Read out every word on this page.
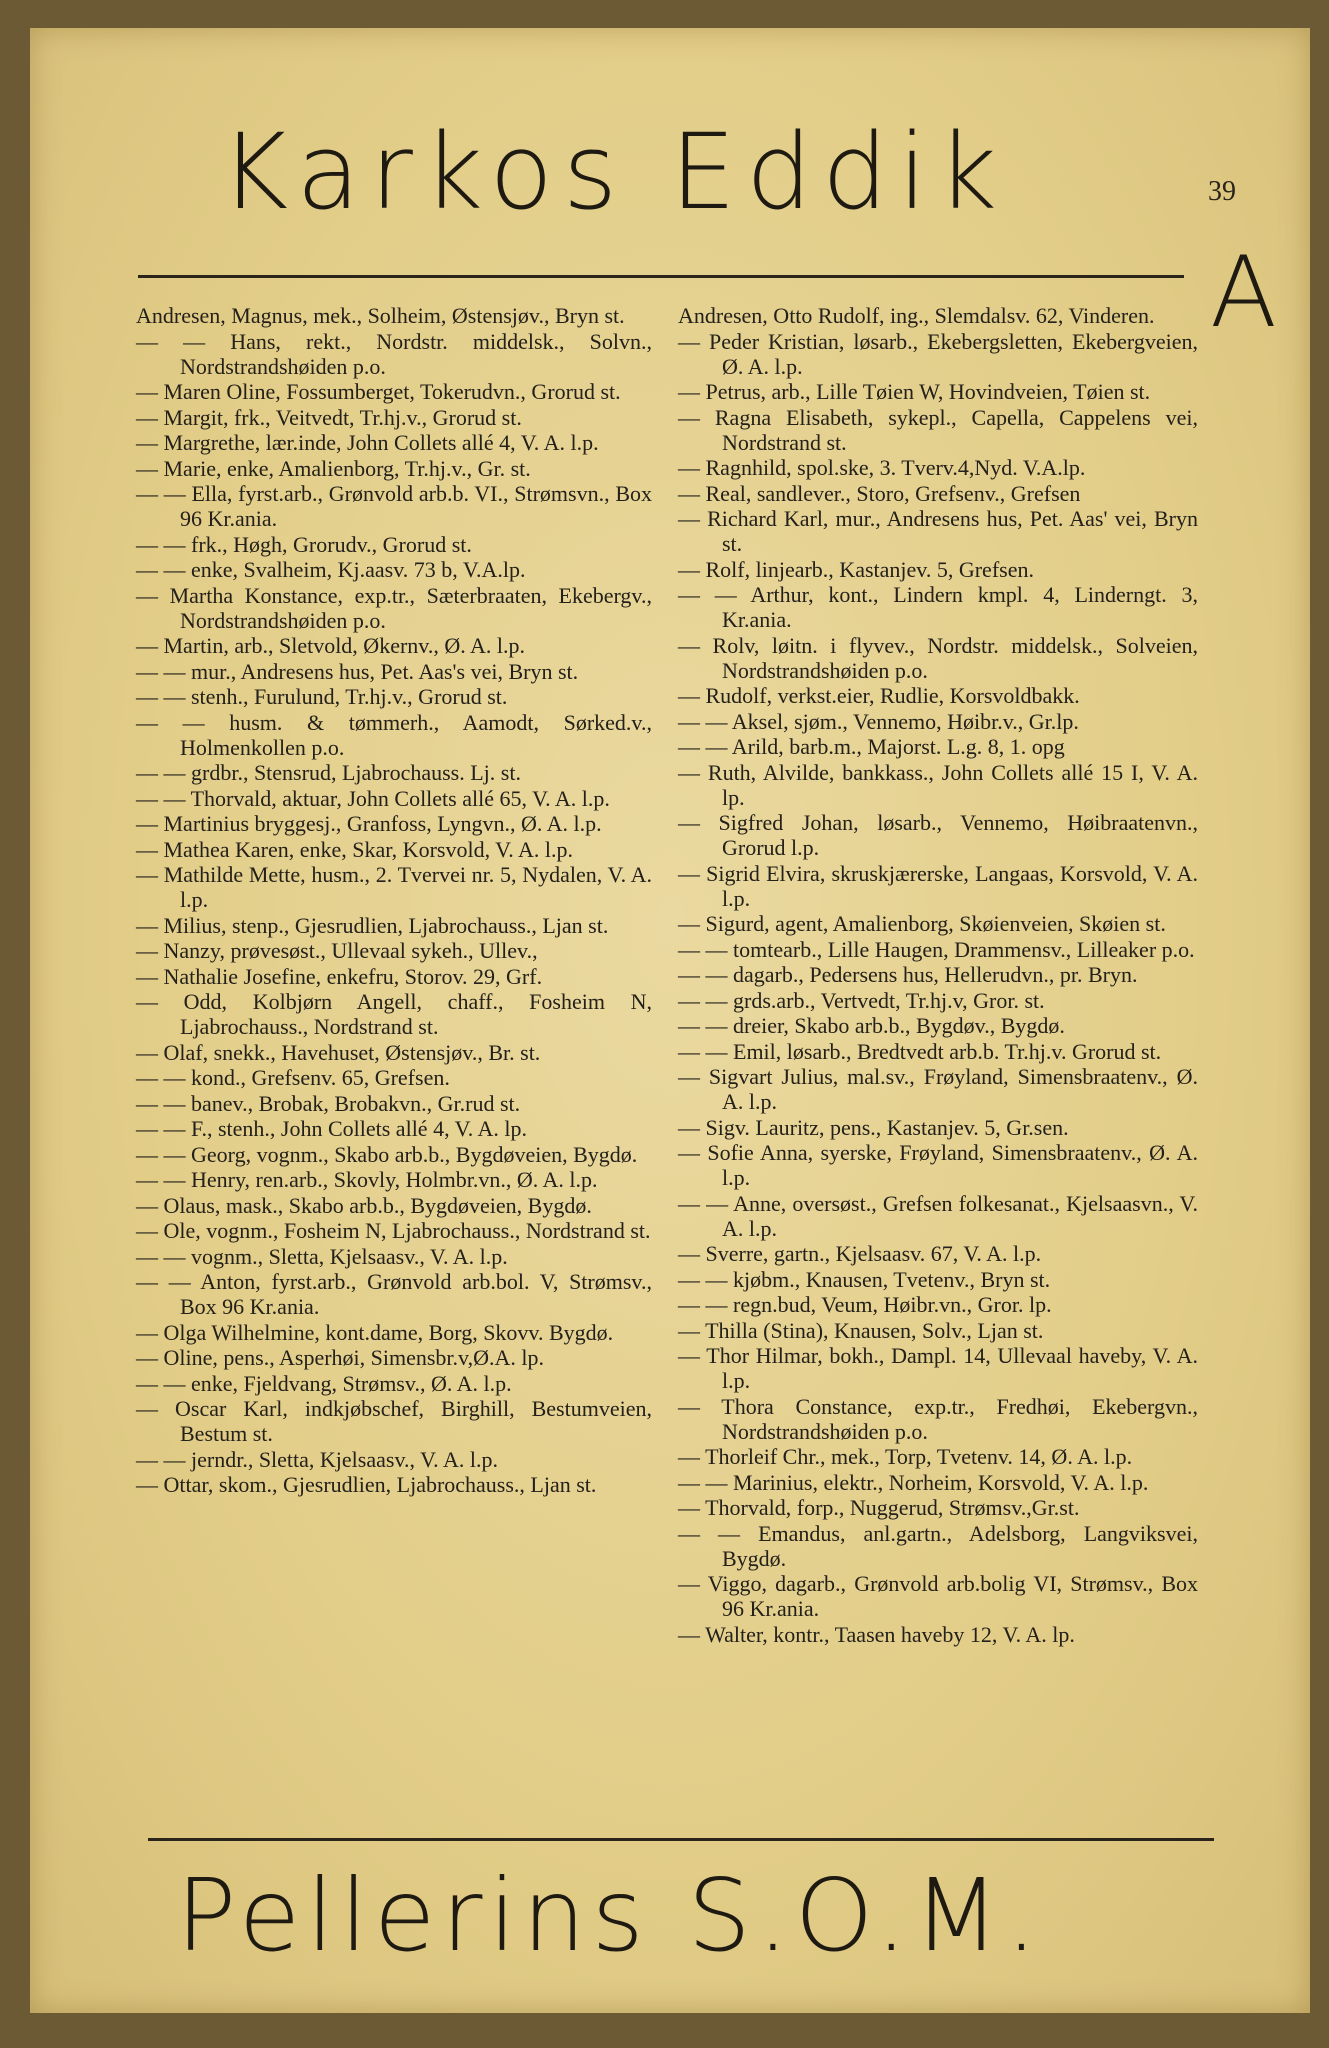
Karkos Eddik	39
A
Andresen, Magnus, mek., Solheim, Østensjøv., Bryn st.
— — Hans, rekt., Nordstr. middelsk., Solvn., Nordstrandshøiden p.o.
— Maren Oline, Fossumberget, Tokerudvn., Grorud st.
— Margit, frk., Veitvedt, Tr.hj.v., Grorud st.
— Margrethe, lær.inde, John Collets allé 4, V. A. l.p.
— Marie, enke, Amalienborg, Tr.hj.v., Gr. st.
— — Ella, fyrst.arb., Grønvold arb.b. VI., Strømsvn., Box 96 Kr.ania.
— — frk., Høgh, Grorudv., Grorud st.
— — enke, Svalheim, Kj.aasv. 73 b, V.A.lp.
— Martha Konstance, exp.tr., Sæterbraaten, Ekebergv., Nordstrandshøiden p.o.
— Martin, arb., Sletvold, Økernv., Ø. A. l.p.
— — mur., Andresens hus, Pet. Aas's vei, Bryn st.
— — stenh., Furulund, Tr.hj.v., Grorud st.
— — husm. & tømmerh., Aamodt, Sørked.v., Holmenkollen p.o.
— — grdbr., Stensrud, Ljabrochauss. Lj. st.
— — Thorvald, aktuar, John Collets allé 65, V. A. l.p.
— Martinius bryggesj., Granfoss, Lyngvn., Ø. A. l.p.
— Mathea Karen, enke, Skar, Korsvold, V. A. l.p.
— Mathilde Mette, husm., 2. Tvervei nr. 5, Nydalen, V. A. l.p.
— Milius, stenp., Gjesrudlien, Ljabrochauss., Ljan st.
— Nanzy, prøvesøst., Ullevaal sykeh., Ullev.,
— Nathalie Josefine, enkefru, Storov. 29, Grf.
— Odd, Kolbjørn Angell, chaff., Fosheim N, Ljabrochauss., Nordstrand st.
— Olaf, snekk., Havehuset, Østensjøv., Br. st.
— — kond., Grefsenv. 65, Grefsen.
— — banev., Brobak, Brobakvn., Gr.rud st.
— — F., stenh., John Collets allé 4, V. A. lp.
— — Georg, vognm., Skabo arb.b., Bygdøveien, Bygdø.
— — Henry, ren.arb., Skovly, Holmbr.vn., Ø. A. l.p.
— Olaus, mask., Skabo arb.b., Bygdøveien, Bygdø.
— Ole, vognm., Fosheim N, Ljabrochauss., Nordstrand st.
— — vognm., Sletta, Kjelsaasv., V. A. l.p.
— — Anton, fyrst.arb., Grønvold arb.bol. V, Strømsv., Box 96 Kr.ania.
— Olga Wilhelmine, kont.dame, Borg, Skovv. Bygdø.
— Oline, pens., Asperhøi, Simensbr.v,Ø.A. lp.
— — enke, Fjeldvang, Strømsv., Ø. A. l.p.
— Oscar Karl, indkjøbschef, Birghill, Bestumveien, Bestum st.
— — jerndr., Sletta, Kjelsaasv., V. A. l.p.
— Ottar, skom., Gjesrudlien, Ljabrochauss., Ljan st.
Andresen, Otto Rudolf, ing., Slemdalsv. 62, Vinderen.
— Peder Kristian, løsarb., Ekebergsletten, Ekebergveien, Ø. A. l.p.
— Petrus, arb., Lille Tøien W, Hovindveien, Tøien st.
— Ragna Elisabeth, sykepl., Capella, Cappelens vei, Nordstrand st.
— Ragnhild, spol.ske, 3. Tverv.4,Nyd. V.A.lp.
— Real, sandlever., Storo, Grefsenv., Grefsen
— Richard Karl, mur., Andresens hus, Pet. Aas' vei, Bryn st.
— Rolf, linjearb., Kastanjev. 5, Grefsen.
— — Arthur, kont., Lindern kmpl. 4, Linderngt. 3, Kr.ania.
— Rolv, løitn. i flyvev., Nordstr. middelsk., Solveien, Nordstrandshøiden p.o.
— Rudolf, verkst.eier, Rudlie, Korsvoldbakk.
— — Aksel, sjøm., Vennemo, Høibr.v., Gr.lp.
— — Arild, barb.m., Majorst. L.g. 8, 1. opg
— Ruth, Alvilde, bankkass., John Collets allé 15 I, V. A. lp.
— Sigfred Johan, løsarb., Vennemo, Høibraatenvn., Grorud l.p.
— Sigrid Elvira, skruskjærerske, Langaas, Korsvold, V. A. l.p.
— Sigurd, agent, Amalienborg, Skøienveien, Skøien st.
— — tomtearb., Lille Haugen, Drammensv., Lilleaker p.o.
— — dagarb., Pedersens hus, Hellerudvn., pr. Bryn.
— — grds.arb., Vertvedt, Tr.hj.v, Gror. st.
— — dreier, Skabo arb.b., Bygdøv., Bygdø.
— — Emil, løsarb., Bredtvedt arb.b. Tr.hj.v. Grorud st.
— Sigvart Julius, mal.sv., Frøyland, Simensbraatenv., Ø. A. l.p.
— Sigv. Lauritz, pens., Kastanjev. 5, Gr.sen.
— Sofie Anna, syerske, Frøyland, Simensbraatenv., Ø. A. l.p.
— — Anne, oversøst., Grefsen folkesanat., Kjelsaasvn., V. A. l.p.
— Sverre, gartn., Kjelsaasv. 67, V. A. l.p.
— — kjøbm., Knausen, Tvetenv., Bryn st.
— — regn.bud, Veum, Høibr.vn., Gror. lp.
— Thilla (Stina), Knausen, Solv., Ljan st.
— Thor Hilmar, bokh., Dampl. 14, Ullevaal haveby, V. A. l.p.
— Thora Constance, exp.tr., Fredhøi, Ekebergvn., Nordstrandshøiden p.o.
— Thorleif Chr., mek., Torp, Tvetenv. 14, Ø. A. l.p.
— — Marinius, elektr., Norheim, Korsvold, V. A. l.p.
— Thorvald, forp., Nuggerud, Strømsv.,Gr.st.
— — Emandus, anl.gartn., Adelsborg, Langviksvei, Bygdø.
— Viggo, dagarb., Grønvold arb.bolig VI, Strømsv., Box 96 Kr.ania.
— Walter, kontr., Taasen haveby 12, V. A. lp.
Pellerins S.O.M.
